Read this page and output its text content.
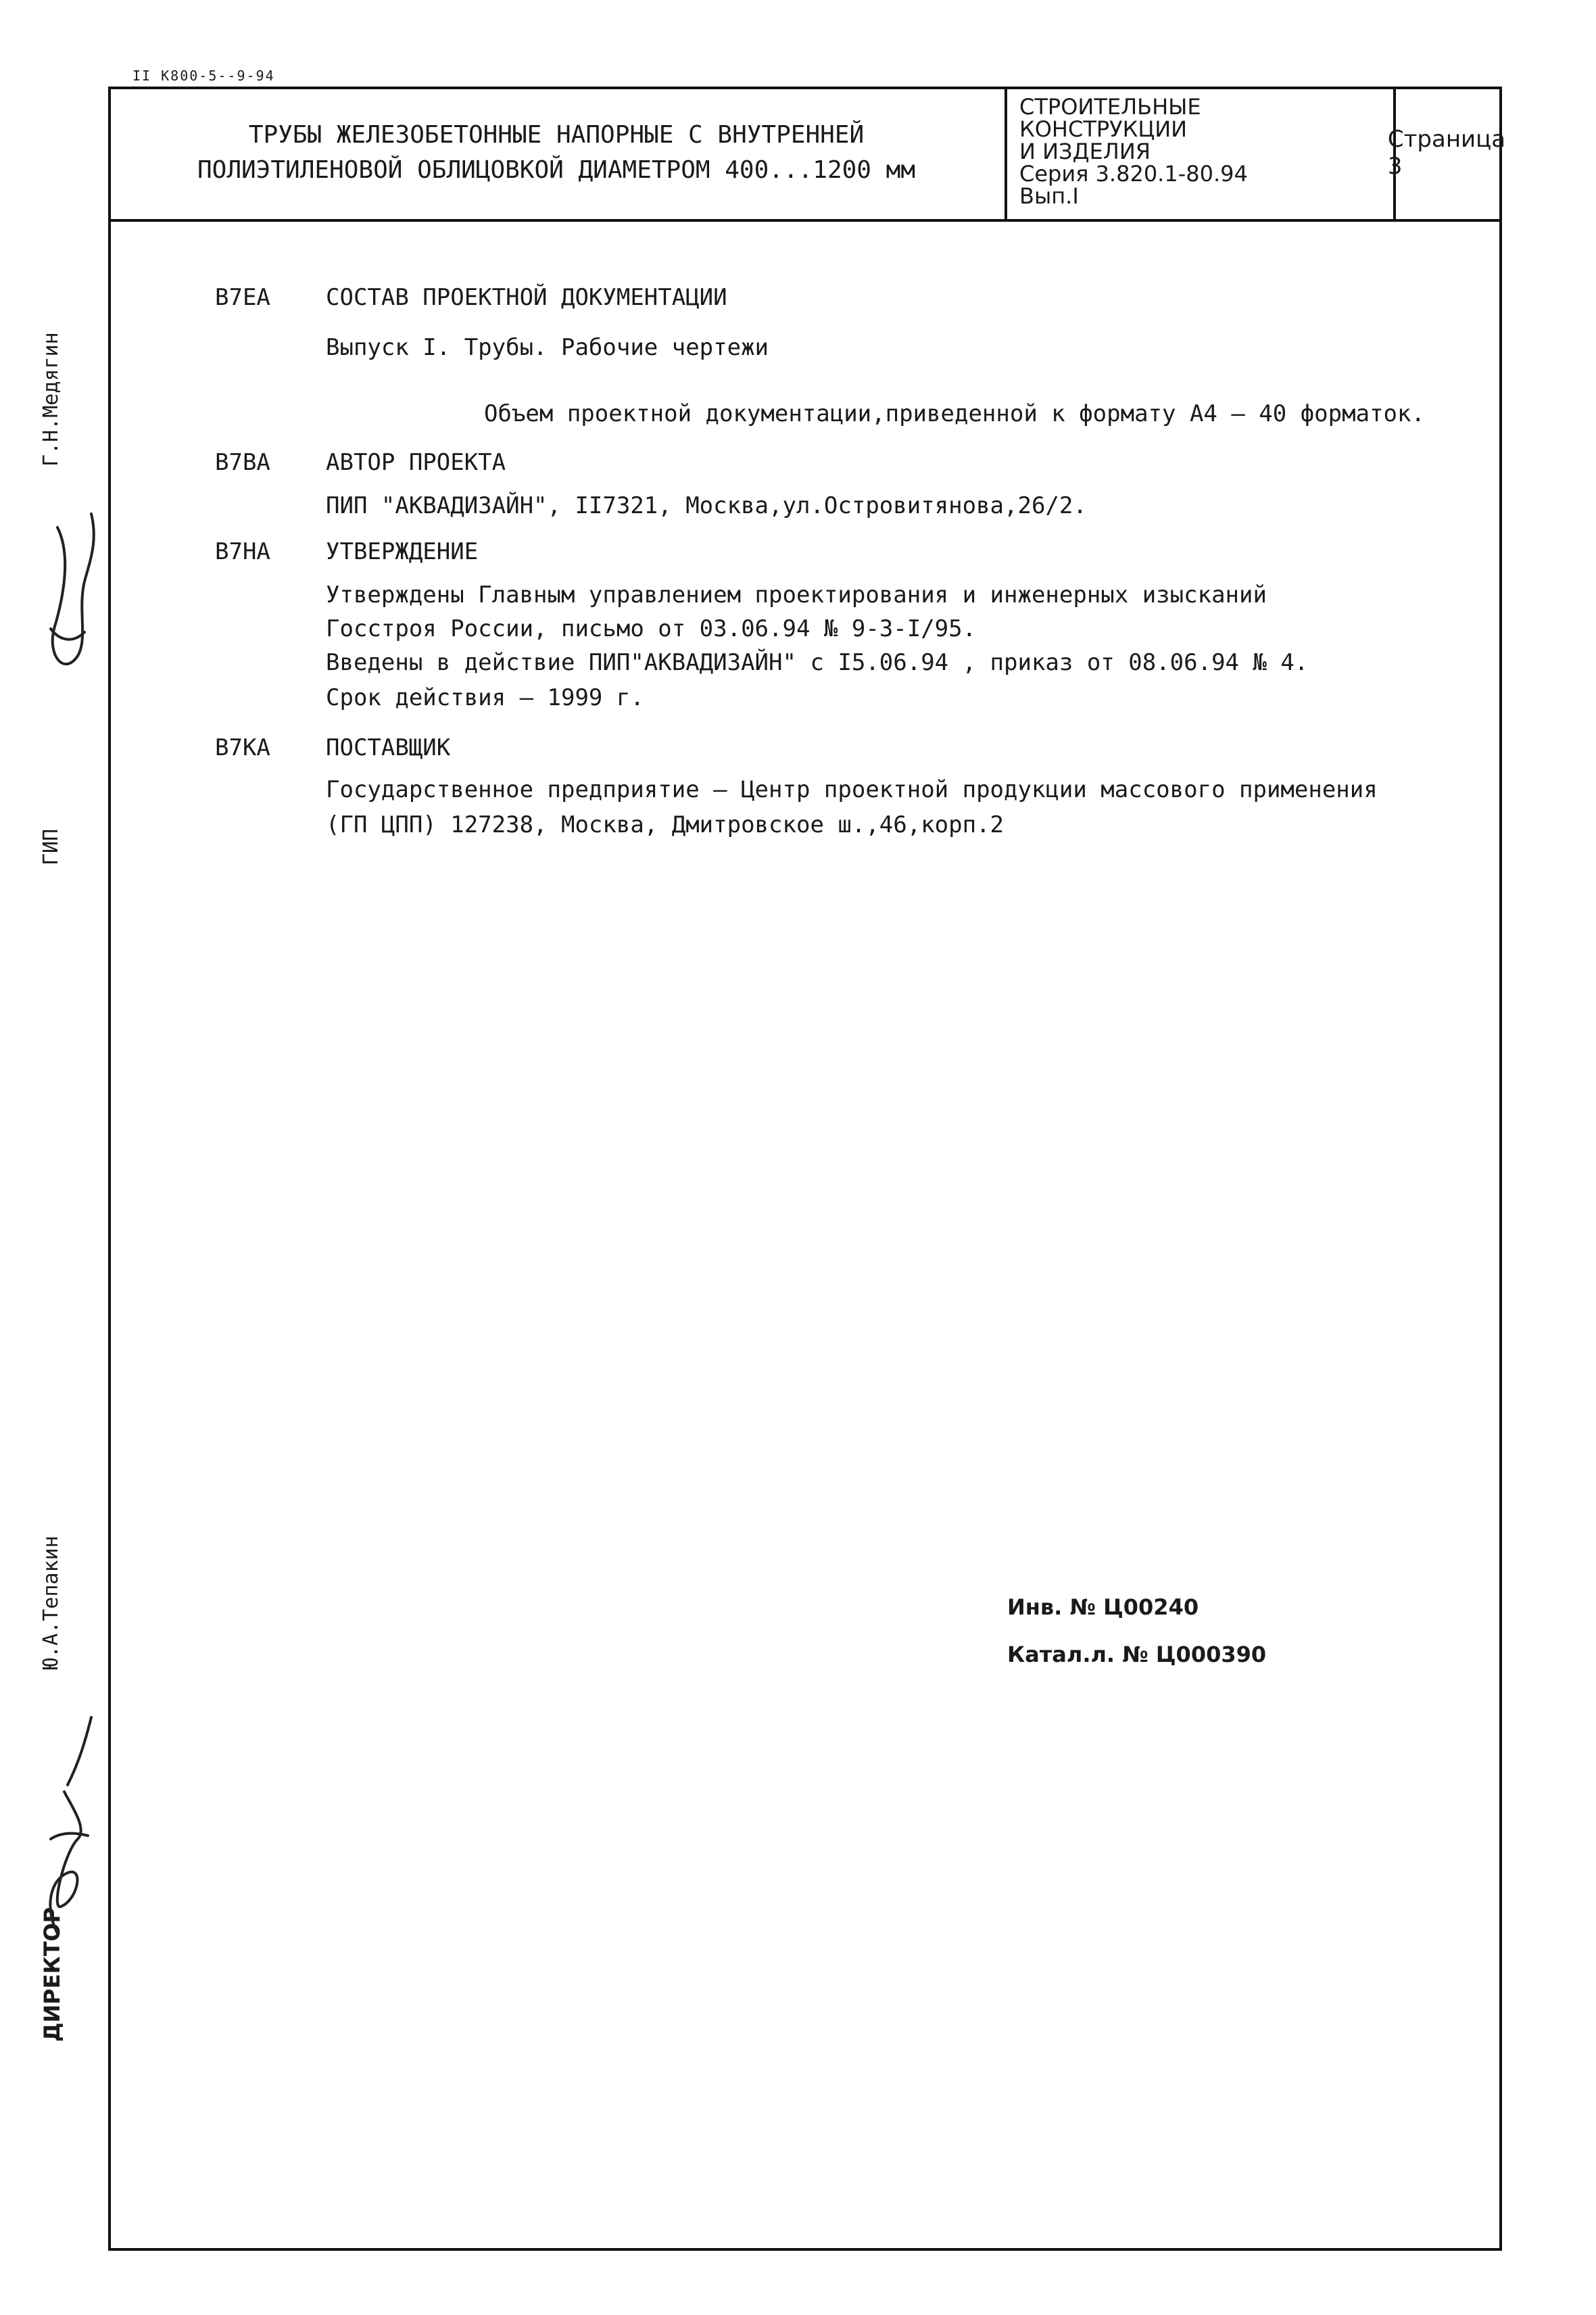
II K800-5--9-94
ТРУБЫ ЖЕЛЕЗОБЕТОННЫЕ НАПОРНЫЕ С ВНУТРЕННЕЙ
ПОЛИЭТИЛЕНОВОЙ ОБЛИЦОВКОЙ ДИАМЕТРОМ 400...1200 мм
СТРОИТЕЛЬНЫЕ
КОНСТРУКЦИИ
И ИЗДЕЛИЯ
Серия 3.820.1-80.94
Вып.I
Страница 3
B7EA СОСТАВ ПРОЕКТНОЙ ДОКУМЕНТАЦИИ
Выпуск I. Трубы. Рабочие чертежи
Объем проектной документации,приведенной к формату A4 – 40 форматок.
B7BA АВТОР ПРОЕКТА
ПИП "АКВАДИЗАЙН", II7321, Москва,ул.Островитянова,26/2.
B7HA УТВЕРЖДЕНИЕ
Утверждены Главным управлением проектирования и инженерных изысканий
Госстроя России, письмо от 03.06.94 № 9-3-I/95.
Введены в действие ПИП"АКВАДИЗАЙН" с I5.06.94 , приказ от 08.06.94 № 4.
Срок действия – 1999 г.
B7KA ПОСТАВЩИК
Государственное предприятие – Центр проектной продукции массового применения
(ГП ЦПП) 127238, Москва, Дмитровское ш.,46,корп.2
Инв. № Ц00240
Катал.л. № Ц000390
Г.Н.Медягин
ГИП
Ю.А.Тепакин
ДИРЕКТОР
